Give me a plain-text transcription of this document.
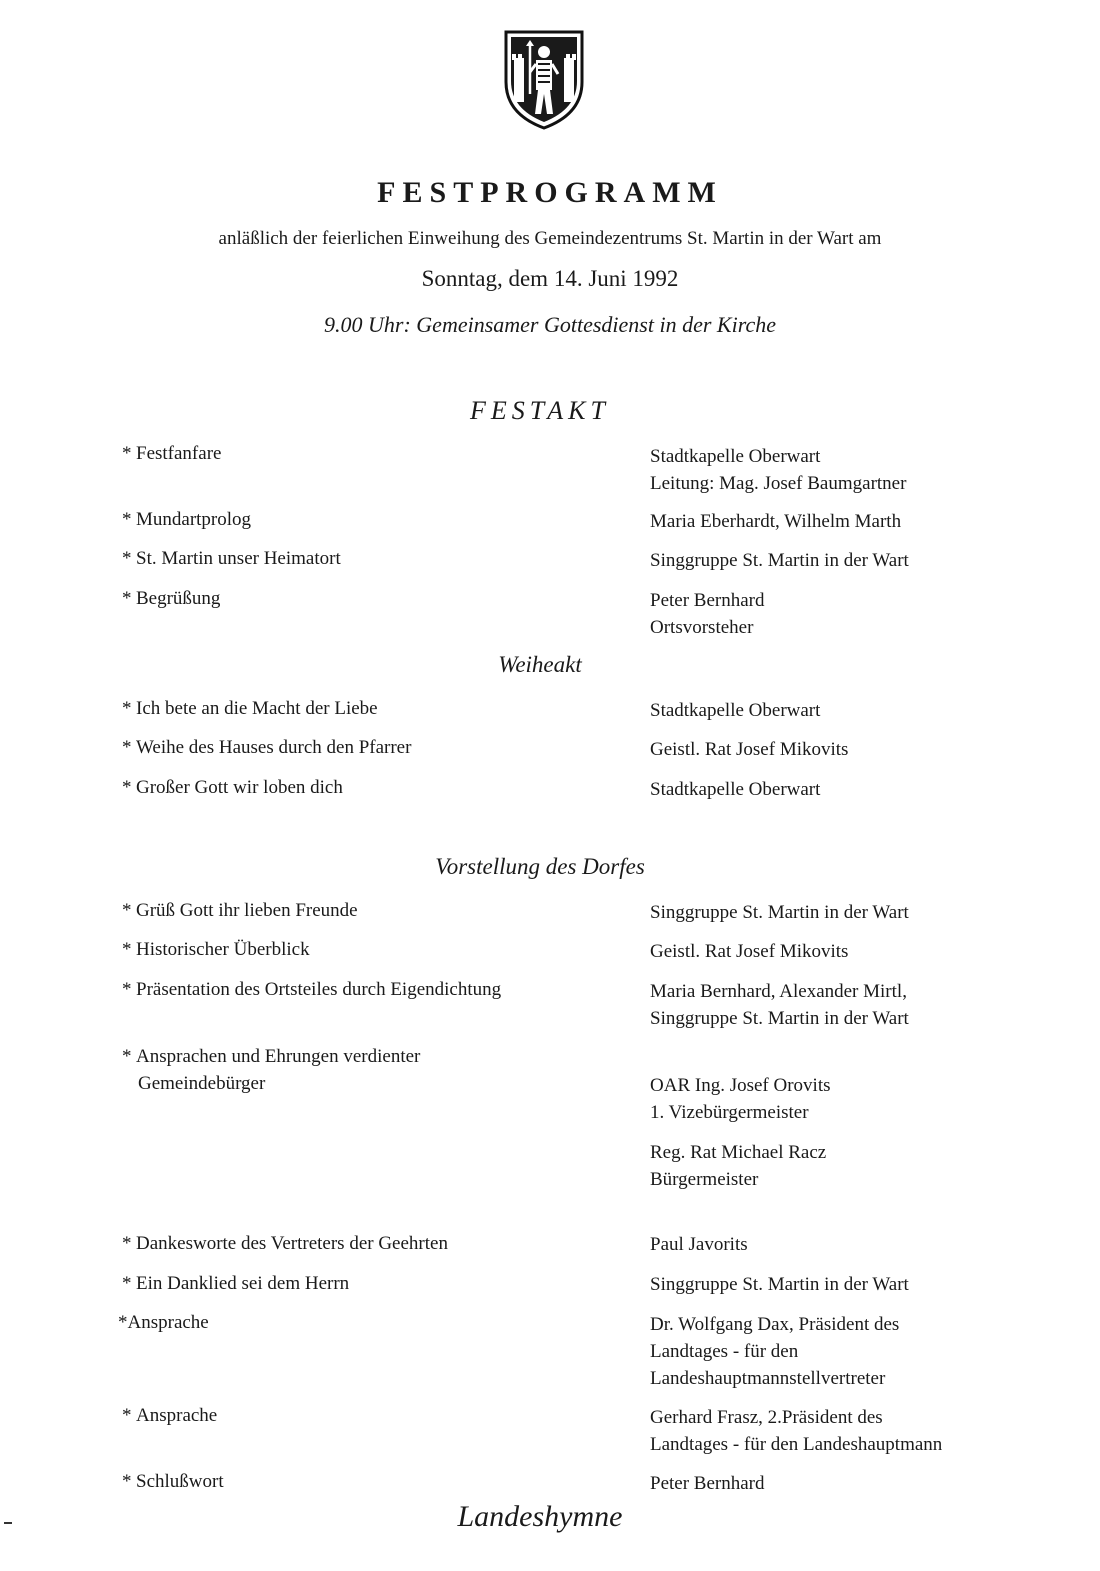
FESTPROGRAMM
anläßlich der feierlichen Einweihung des Gemeindezentrums St. Martin in der Wart am
Sonntag, dem 14. Juni 1992
9.00 Uhr: Gemeinsamer Gottesdienst in der Kirche
FESTAKT
* Festfanfare	Stadtkapelle Oberwart
Leitung: Mag. Josef Baumgartner
* Mundartprolog	Maria Eberhardt, Wilhelm Marth
* St. Martin unser Heimatort	Singgruppe St. Martin in der Wart
* Begrüßung	Peter Bernhard
Ortsvorsteher
Weiheakt
* Ich bete an die Macht der Liebe	Stadtkapelle Oberwart
* Weihe des Hauses durch den Pfarrer	Geistl. Rat Josef Mikovits
* Großer Gott wir loben dich	Stadtkapelle Oberwart
Vorstellung des Dorfes
* Grüß Gott ihr lieben Freunde	Singgruppe St. Martin in der Wart
* Historischer Überblick	Geistl. Rat Josef Mikovits
* Präsentation des Ortsteiles durch Eigendichtung	Maria Bernhard, Alexander Mirtl,
Singgruppe St. Martin in der Wart
* Ansprachen und Ehrungen verdienter
Gemeindebürger	OAR Ing. Josef Orovits
1. Vizebürgermeister
Reg. Rat Michael Racz
Bürgermeister
* Dankesworte des Vertreters der Geehrten	Paul Javorits
* Ein Danklied sei dem Herrn	Singgruppe St. Martin in der Wart
*Ansprache	Dr. Wolfgang Dax, Präsident des
Landtages - für den
Landeshauptmannstellvertreter
* Ansprache	Gerhard Frasz, 2.Präsident des
Landtages - für den Landeshauptmann
* Schlußwort	Peter Bernhard
Landeshymne
